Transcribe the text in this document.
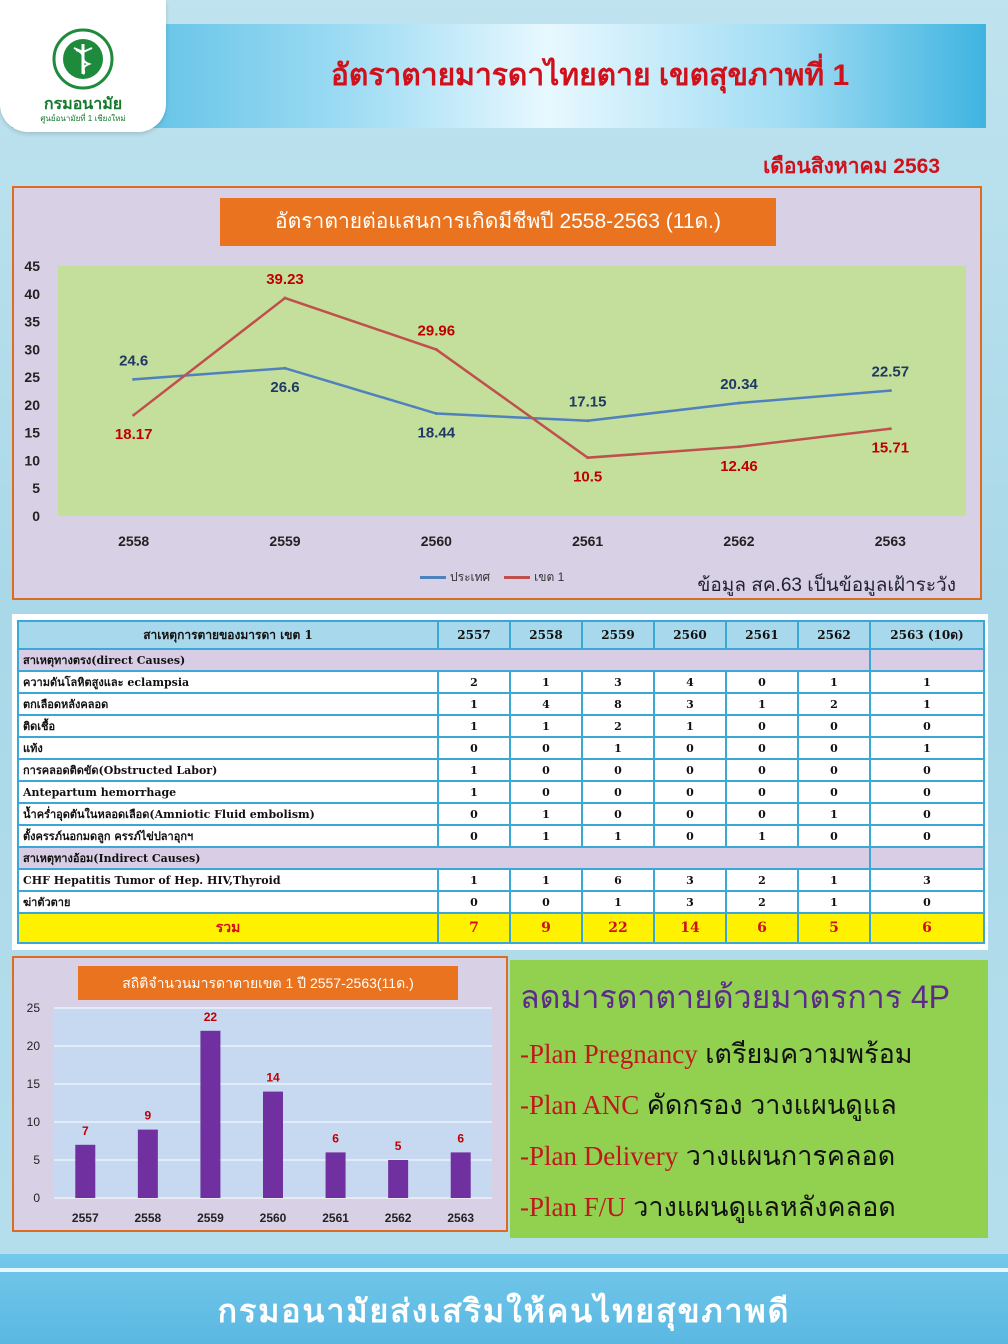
กรมอนามัย
ศูนย์อนามัยที่ 1 เชียงใหม่
อัตราตายมารดาไทยตาย เขตสุขภาพที่ 1
เดือนสิงหาคม 2563
อัตราตายต่อแสนการเกิดมีชีพปี 2558-2563 (11ด.)
0
5
10
15
20
25
30
35
40
45
2558	2559	2560	2561	2562	2563
24.6
26.6
18.44
17.15
20.34
22.57
18.17
39.23
29.96
10.5
12.46
15.71
ประเทศ	เขต 1	ข้อมูล สค.63 เป็นข้อมูลเฝ้าระวัง
สาเหตุการตายของมารดา เขต 1	2557	2558	2559	2560	2561	2562	2563 (10ด)
สาเหตุทางตรง(direct Causes)							
ความดันโลหิตสูงและ eclampsia	2	1	3	4	0	1	1
ตกเลือดหลังคลอด	1	4	8	3	1	2	1
ติดเชื้อ	1	1	2	1	0	0	0
แท้ง	0	0	1	0	0	0	1
การคลอดติดขัด(Obstructed Labor)	1	0	0	0	0	0	0
Antepartum hemorrhage	1	0	0	0	0	0	0
น้ำคร่ำอุดตันในหลอดเลือด(Amniotic Fluid embolism)	0	1	0	0	0	1	0
ตั้งครรภ์นอกมดลูก ครรภ์ไข่ปลาอุกฯ	0	1	1	0	1	0	0
สาเหตุทางอ้อม(Indirect Causes)							
CHF Hepatitis Tumor of Hep. HIV,Thyroid	1	1	6	3	2	1	3
ฆ่าตัวตาย	0	0	1	3	2	1	0
รวม	7	9	22	14	6	5	6
0
5
10
15
20
25
7
2557
9
2558
22
2559
14
2560
6
2561
5
2562
6
2563
สถิติจำนวนมารดาตายเขต 1 ปี 2557-2563(11ด.)	ลดมารดาตายด้วยมาตรการ 4P
-Plan Pregnancy เตรียมความพร้อม
-Plan ANC คัดกรอง วางแผนดูแล
-Plan Delivery วางแผนการคลอด
-Plan F/U วางแผนดูแลหลังคลอด
กรมอนามัยส่งเสริมให้คนไทยสุขภาพดี
